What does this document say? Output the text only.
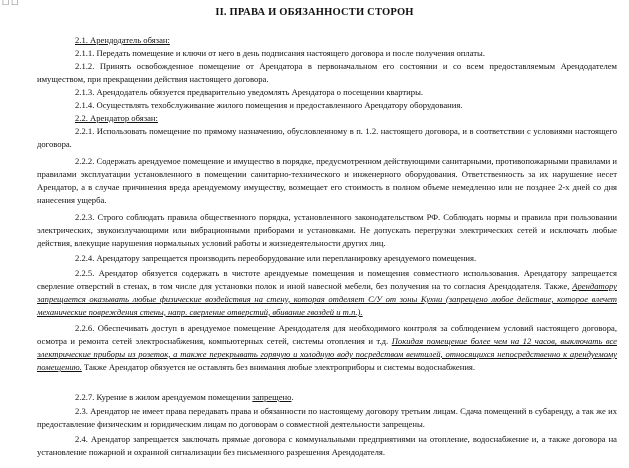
☐ ☐
II. ПРАВА И ОБЯЗАННОСТИ СТОРОН
2.1. Арендодатель обязан:
2.1.1. Передать помещение и ключи от него в день подписания настоящего договора и после получения оплаты.
2.1.2. Принять освобожденное помещение от Арендатора в первоначальном его состоянии и со всем предоставляемым Арендодателем имуществом, при прекращении действия настоящего договора.
2.1.3. Арендодатель обязуется предварительно уведомлять Арендатора о посещении квартиры.
2.1.4. Осуществлять техобслуживание жилого помещения и предоставленного Арендатору оборудования.
2.2. Арендатор обязан:
2.2.1. Использовать помещение по прямому назначению, обусловленному в п. 1.2. настоящего договора, и в соответствии с условиями настоящего договора.
2.2.2. Содержать арендуемое помещение и имущество в порядке, предусмотренном действующими санитарными, противопожарными правилами и правилами эксплуатации установленного в помещении санитарно-технического и инженерного оборудования. Ответственность за их нарушение несет Арендатор, а в случае причинения вреда арендуемому имуществу, возмещает его стоимость в полном объеме немедленно или не позднее 2-х дней со дня нанесения ущерба.
2.2.3. Строго соблюдать правила общественного порядка, установленного законодательством РФ. Соблюдать нормы и правила при пользовании электрических, звукоизлучающими или вибрационными приборами и установками. Не допускать перегрузки электрических сетей и исключать любые действия, влекущие нарушения нормальных условий работы и жизнедеятельности других лиц.
2.2.4. Арендатору запрещается производить переоборудование или перепланировку арендуемого помещения.
2.2.5. Арендатор обязуется содержать в чистоте арендуемые помещения и помещения совместного использования. Арендатору запрещается сверление отверстий в стенах, в том числе для установки полок и иной навесной мебели, без получения на то согласия Арендодателя. Также, Арендатору запрещается оказывать любые физические воздействия на стену, которая отделяет С/У от зоны Кухни (запрещено любое действие, которое влечет механические повреждения стены, напр. сверление отверстий, вбивание гвоздей и т.п.).
2.2.6. Обеспечивать доступ в арендуемое помещение Арендодателя для необходимого контроля за соблюдением условий настоящего договора, осмотра и ремонта сетей электроснабжения, компьютерных сетей, системы отопления и т.д. Покидая помещение более чем на 12 часов, выключать все электрические приборы из розеток, а также перекрывать горячую и холодную воду посредством вентилей, относящихся непосредственно к арендуемому помещению. Также Арендатор обязуется не оставлять без внимания любые электроприборы и системы водоснабжения.
2.2.7. Курение в жилом арендуемом помещении запрещено.
2.3. Арендатор не имеет права передавать права и обязанности по настоящему договору третьим лицам. Сдача помещений в субаренду, а так же их предоставление физическим и юридическим лицам по договорам о совместной деятельности запрещены.
2.4. Арендатор запрещается заключать прямые договора с коммунальными предприятиями на отопление, водоснабжение и, а также договора на установление пожарной и охранной сигнализации без письменного разрешения Арендодателя.
